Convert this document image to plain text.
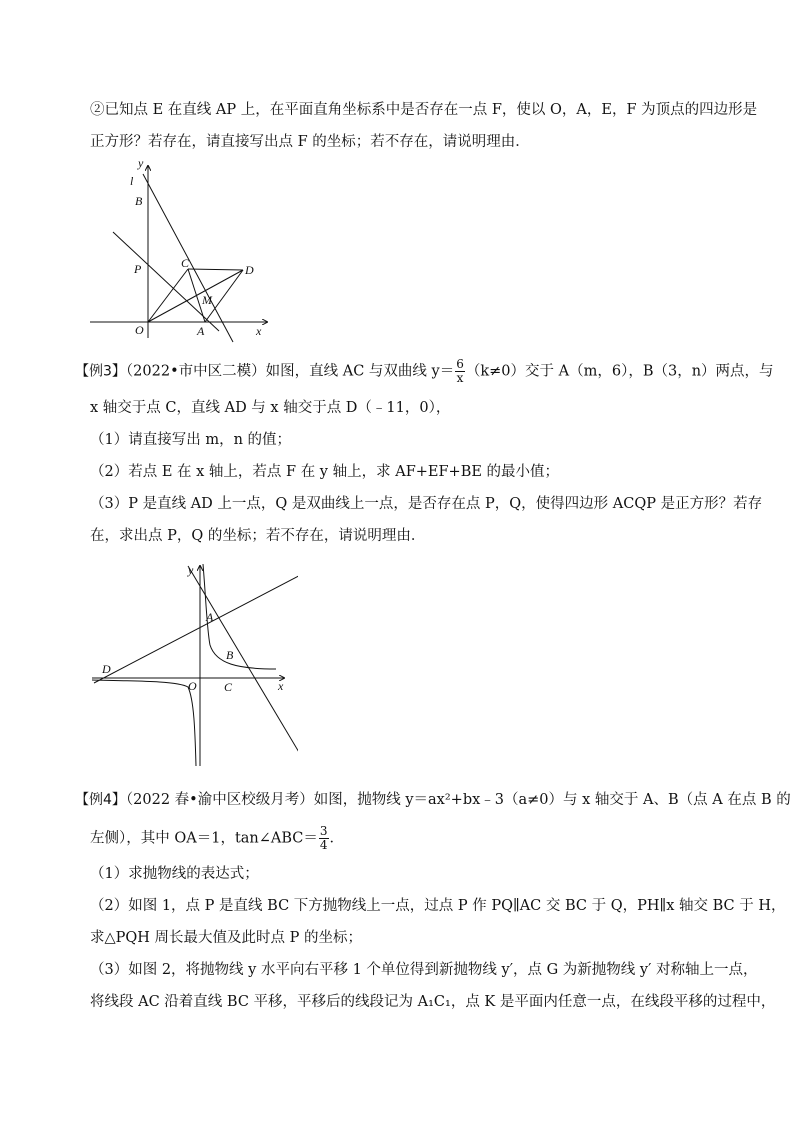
②已知点 E 在直线 AP 上，在平面直角坐标系中是否存在一点 F，使以 O，A，E，F 为顶点的四边形是
正方形？若存在，请直接写出点 F 的坐标；若不存在，请说明理由．
y
l
B
P	C	D
M
O	A	x
【例3】（2022•市中区二模）如图，直线 AC 与双曲线 $y= \frac{6}{x} (k\ne 0)$交于 A（m，6），B（3，n）两点，与
x 轴交于点 C，直线 AD 与 x 轴交于点 D（﹣11，0），
（1）请直接写出 m，n 的值；
（2）若点 E 在 x 轴上，若点 F 在 y 轴上，求 AF+EF+BE 的最小值；
（3）P 是直线 AD 上一点，Q 是双曲线上一点，是否存在点 P，Q，使得四边形 ACQP 是正方形？若存
在，求出点 P，Q 的坐标；若不存在，请说明理由．
y
A
B
D
O C	x
【例4】（2022 春•渝中区校级月考）如图，抛物线 y＝ax²+bx﹣3（a≠0）与 x 轴交于 A、B（点 A 在点 B 的
左侧），其中 OA＝1，tan∠ABC＝ $\frac{3}{4}$ ．
（1）求抛物线的表达式；
（2）如图 1，点 P 是直线 BC 下方抛物线上一点，过点 P 作 PQ∥AC 交 BC 于 Q，PH∥x 轴交 BC 于 H，
求△PQH 周长最大值及此时点 P 的坐标；
（3）如图 2，将抛物线 y 水平向右平移 1 个单位得到新抛物线 y′，点 G 为新抛物线 y′ 对称轴上一点，
将线段 AC 沿着直线 BC 平移，平移后的线段记为 A₁C₁，点 K 是平面内任意一点，在线段平移的过程中，
